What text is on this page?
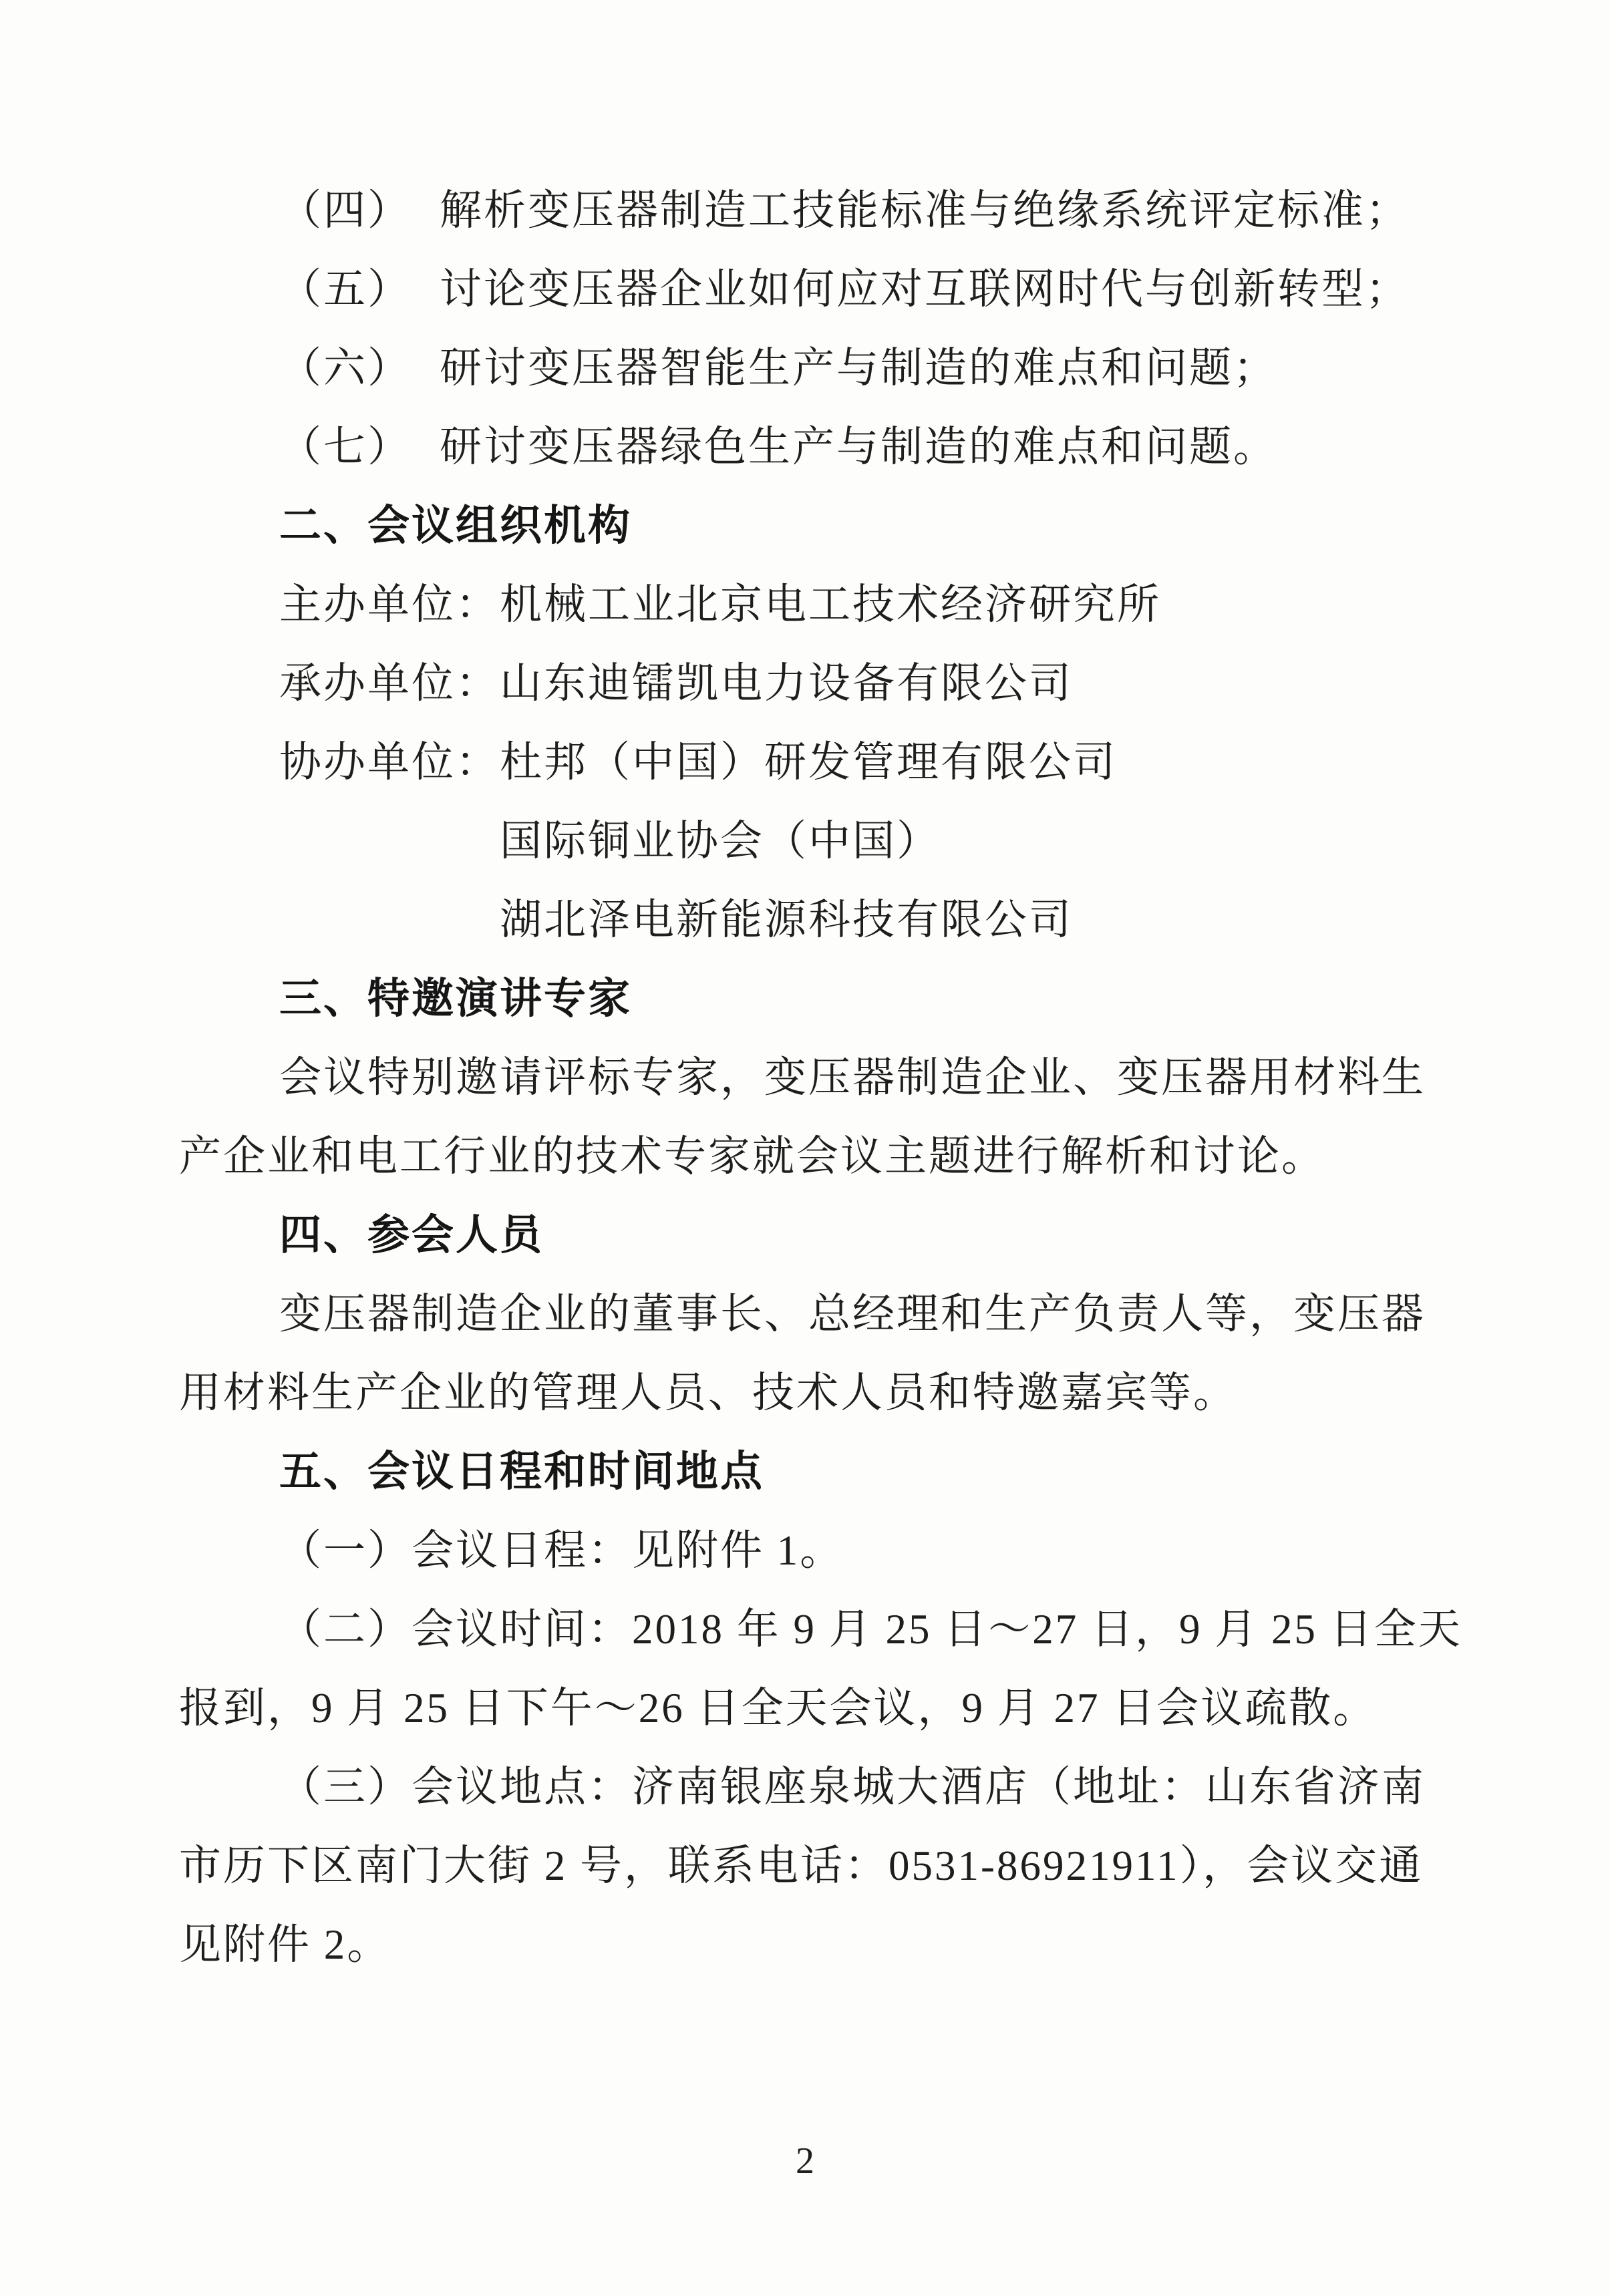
（四） 解析变压器制造工技能标准与绝缘系统评定标准；
（五） 讨论变压器企业如何应对互联网时代与创新转型；
（六） 研讨变压器智能生产与制造的难点和问题；
（七） 研讨变压器绿色生产与制造的难点和问题。
二、会议组织机构
主办单位：机械工业北京电工技术经济研究所
承办单位：山东迪镭凯电力设备有限公司
协办单位：杜邦（中国）研发管理有限公司
国际铜业协会（中国）
湖北泽电新能源科技有限公司
三、特邀演讲专家
会议特别邀请评标专家，变压器制造企业、变压器用材料生
产企业和电工行业的技术专家就会议主题进行解析和讨论。
四、参会人员
变压器制造企业的董事长、总经理和生产负责人等，变压器
用材料生产企业的管理人员、技术人员和特邀嘉宾等。
五、会议日程和时间地点
（一）会议日程：见附件 1。
（二）会议时间：2018 年 9 月 25 日～27 日，9 月 25 日全天
报到，9 月 25 日下午～26 日全天会议，9 月 27 日会议疏散。
（三）会议地点：济南银座泉城大酒店（地址：山东省济南
市历下区南门大街 2 号，联系电话：0531-86921911），会议交通
见附件 2。
2
